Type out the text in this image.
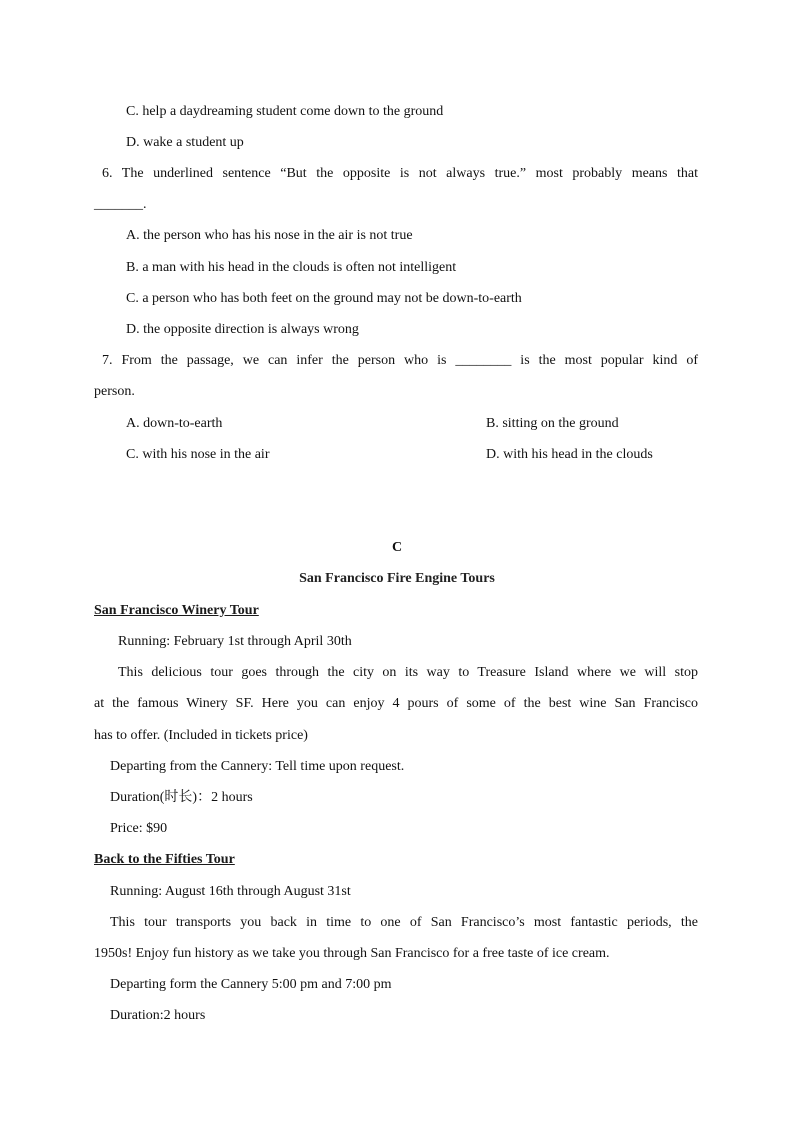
C. help a daydreaming student come down to the ground
D. wake a student up
6. The underlined sentence “But the opposite is not always true.” most probably means that
_______.
A. the person who has his nose in the air is not true
B. a man with his head in the clouds is often not intelligent
C. a person who has both feet on the ground may not be down-to-earth
D. the opposite direction is always wrong
7. From the passage, we can infer the person who is ________ is the most popular kind of
person.
A. down-to-earth	B. sitting on the ground
C. with his nose in the air	D. with his head in the clouds
C
San Francisco Fire Engine Tours
San Francisco Winery Tour
Running: February 1st through April 30th
This delicious tour goes through the city on its way to Treasure Island where we will stop
at the famous Winery SF. Here you can enjoy 4 pours of some of the best wine San Francisco
has to offer. (Included in tickets price)
Departing from the Cannery: Tell time upon request.
Duration(时长)：2 hours
Price: $90
Back to the Fifties Tour
Running: August 16th through August 31st
This tour transports you back in time to one of San Francisco’s most fantastic periods, the
1950s! Enjoy fun history as we take you through San Francisco for a free taste of ice cream.
Departing form the Cannery 5:00 pm and 7:00 pm
Duration:2 hours
